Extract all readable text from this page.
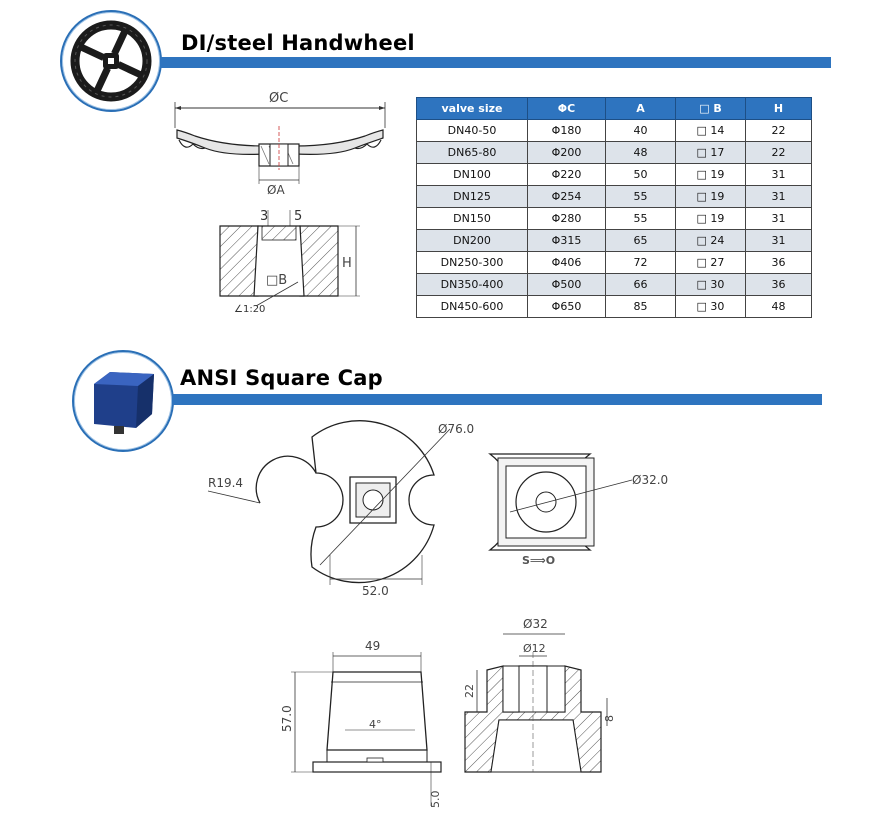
DI/steel Handwheel
ØC
ØA
3 5
□B
H
∠1:20
valve size	ΦC	A	□ B	H
DN40-50	Φ180	40	□ 14	22
DN65-80	Φ200	48	□ 17	22
DN100	Φ220	50	□ 19	31
DN125	Φ254	55	□ 19	31
DN150	Φ280	55	□ 19	31
DN200	Φ315	65	□ 24	31
DN250-300	Φ406	72	□ 27	36
DN350-400	Φ500	66	□ 30	36
DN450-600	Φ650	85	□ 30	48
ANSI Square Cap
Ø76.0
R19.4
52.0
Ø32.0
S⟹O
49
4°
57.0
5.0
Ø32
Ø12
22
8
